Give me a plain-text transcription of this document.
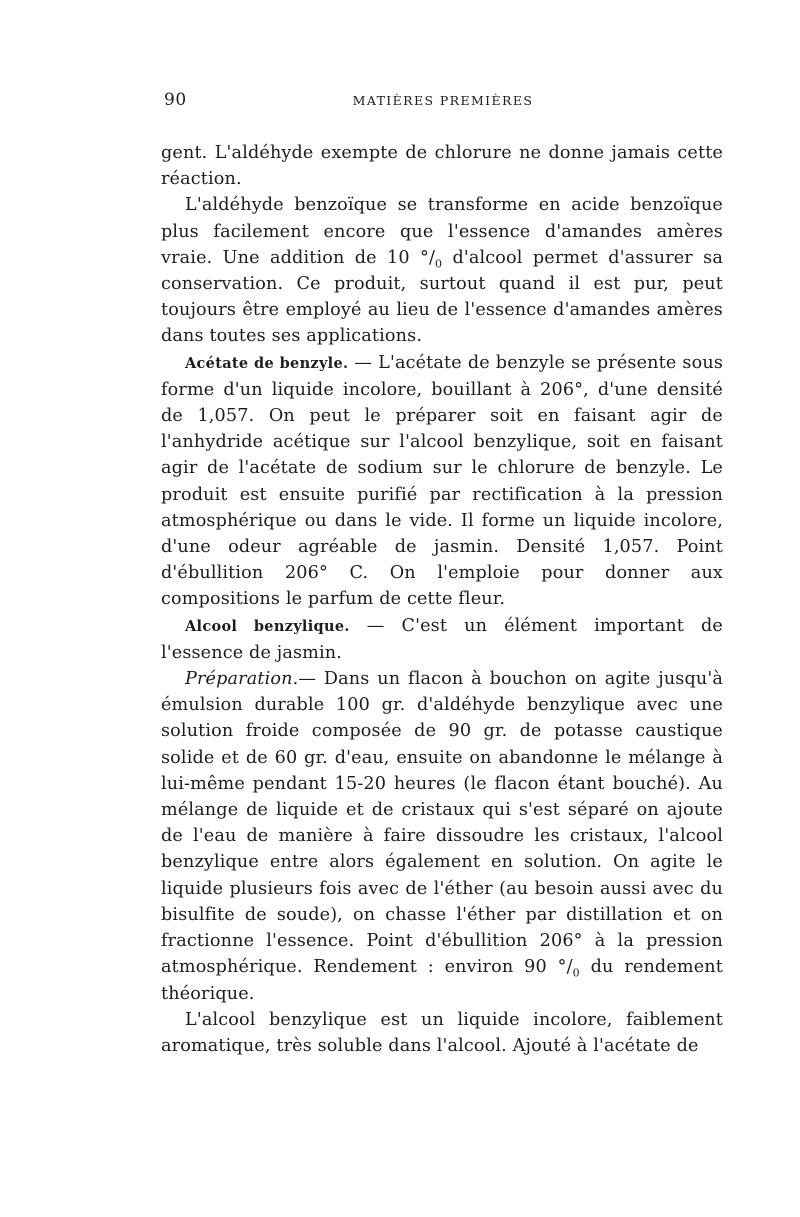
90	MATIÈRES PREMIÈRES

gent. L'aldéhyde exempte de chlorure ne donne jamais cette réaction.

L'aldéhyde benzoïque se transforme en acide benzoïque plus facilement encore que l'essence d'amandes amères vraie. Une addition de 10 $^\circ/_0$ d'alcool permet d'assurer sa conservation. Ce produit, surtout quand il est pur, peut toujours être employé au lieu de l'essence d'amandes amères dans toutes ses applications.

Acétate de benzyle. — L'acétate de benzyle se présente sous forme d'un liquide incolore, bouillant à 206°, d'une densité de 1,057. On peut le préparer soit en faisant agir de l'anhydride acétique sur l'alcool benzylique, soit en faisant agir de l'acétate de sodium sur le chlorure de benzyle. Le produit est ensuite purifié par rectification à la pression atmosphérique ou dans le vide. Il forme un liquide incolore, d'une odeur agréable de jasmin. Densité 1,057. Point d'ébullition 206° C. On l'emploie pour donner aux compositions le parfum de cette fleur.

Alcool benzylique. — C'est un élément important de l'essence de jasmin.

Préparation.— Dans un flacon à bouchon on agite jusqu'à émulsion durable 100 gr. d'aldéhyde benzylique avec une solution froide composée de 90 gr. de potasse caustique solide et de 60 gr. d'eau, ensuite on abandonne le mélange à lui-même pendant 15-20 heures (le flacon étant bouché). Au mélange de liquide et de cristaux qui s'est séparé on ajoute de l'eau de manière à faire dissoudre les cristaux, l'alcool benzylique entre alors également en solution. On agite le liquide plusieurs fois avec de l'éther (au besoin aussi avec du bisulfite de soude), on chasse l'éther par distillation et on fractionne l'essence. Point d'ébullition 206° à la pression atmosphérique. Rendement : environ 90 $^\circ/_0$ du rendement théorique.

L'alcool benzylique est un liquide incolore, faiblement aromatique, très soluble dans l'alcool. Ajouté à l'acétate de
